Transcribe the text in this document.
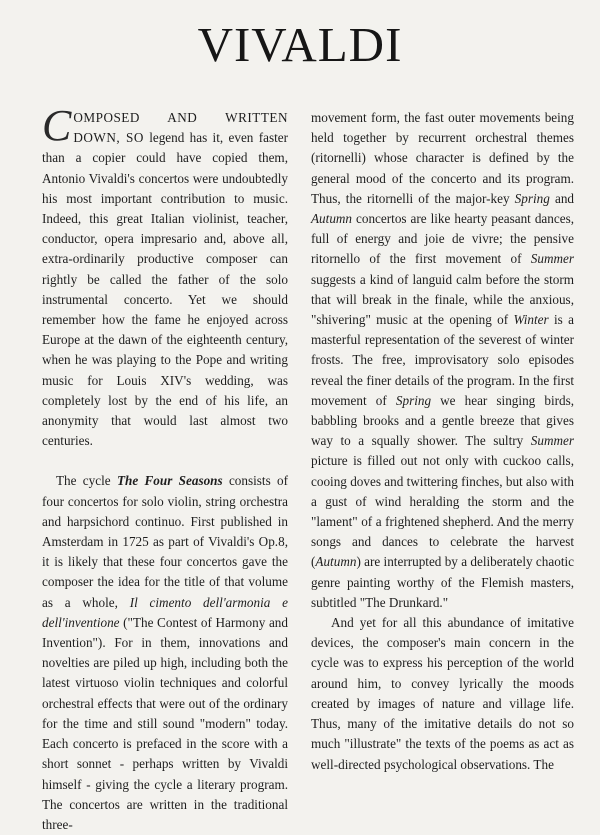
VIVALDI

COMPOSED AND WRITTEN DOWN, SO legend has it, even faster than a copier could have copied them, Antonio Vivaldi's concertos were undoubtedly his most important contribution to music. Indeed, this great Italian violinist, teacher, conductor, opera impresario and, above all, extra-ordinarily productive composer can rightly be called the father of the solo instrumental concerto. Yet we should remember how the fame he enjoyed across Europe at the dawn of the eighteenth century, when he was playing to the Pope and writing music for Louis XIV's wedding, was completely lost by the end of his life, an anonymity that would last almost two centuries.

The cycle The Four Seasons consists of four concertos for solo violin, string orchestra and harpsichord continuo. First published in Amsterdam in 1725 as part of Vivaldi's Op.8, it is likely that these four concertos gave the composer the idea for the title of that volume as a whole, Il cimento dell'armonia e dell'inventione ("The Contest of Harmony and Invention"). For in them, innovations and novelties are piled up high, including both the latest virtuoso violin techniques and colorful orchestral effects that were out of the ordinary for the time and still sound "modern" today. Each concerto is prefaced in the score with a short sonnet - perhaps written by Vivaldi himself - giving the cycle a literary program. The concertos are written in the traditional three-

movement form, the fast outer movements being held together by recurrent orchestral themes (ritornelli) whose character is defined by the general mood of the concerto and its program. Thus, the ritornelli of the major-key Spring and Autumn concertos are like hearty peasant dances, full of energy and joie de vivre; the pensive ritornello of the first movement of Summer suggests a kind of languid calm before the storm that will break in the finale, while the anxious, "shivering" music at the opening of Winter is a masterful representation of the severest of winter frosts. The free, improvisatory solo episodes reveal the finer details of the program. In the first movement of Spring we hear singing birds, babbling brooks and a gentle breeze that gives way to a squally shower. The sultry Summer picture is filled out not only with cuckoo calls, cooing doves and twittering finches, but also with a gust of wind heralding the storm and the "lament" of a frightened shepherd. And the merry songs and dances to celebrate the harvest (Autumn) are interrupted by a deliberately chaotic genre painting worthy of the Flemish masters, subtitled "The Drunkard."

And yet for all this abundance of imitative devices, the composer's main concern in the cycle was to express his perception of the world around him, to convey lyrically the moods created by images of nature and village life. Thus, many of the imitative details do not so much "illustrate" the texts of the poems as act as well-directed psychological observations. The
